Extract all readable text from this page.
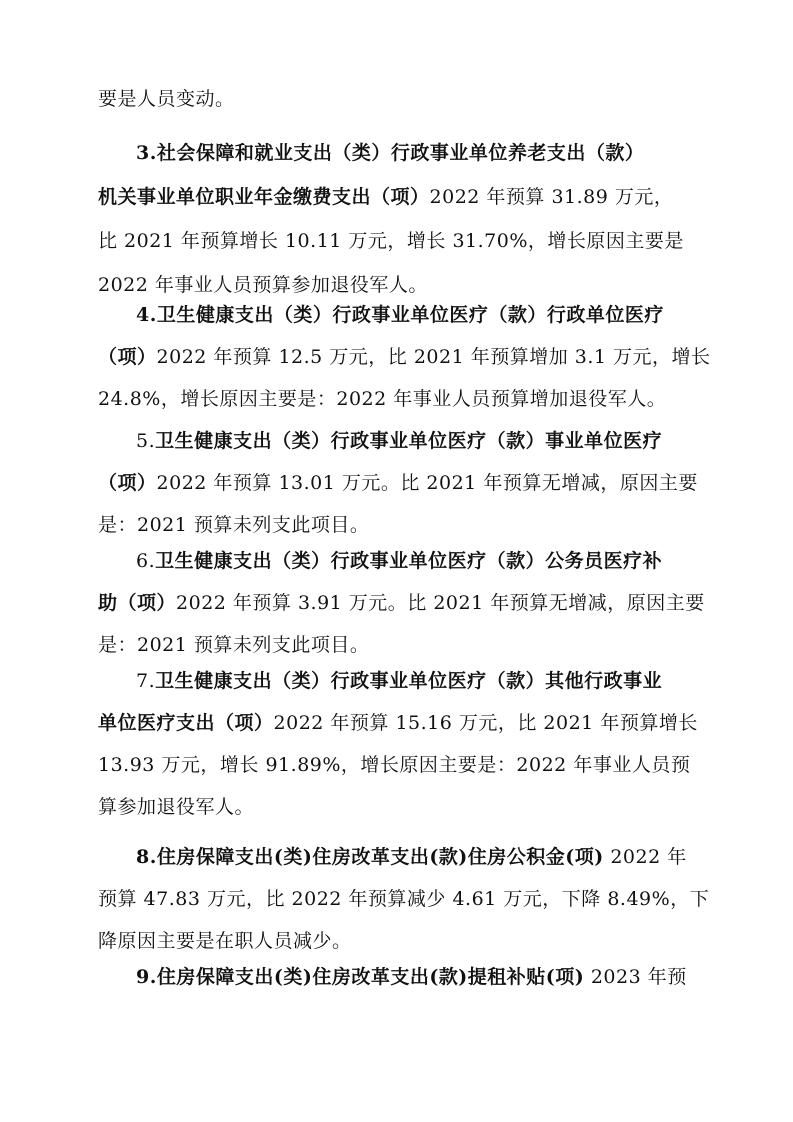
要是人员变动。
3.社会保障和就业支出（类）行政事业单位养老支出（款）
机关事业单位职业年金缴费支出（项）2022 年预算 31.89 万元，
比 2021 年预算增长 10.11 万元，增长 31.70%，增长原因主要是
2022 年事业人员预算参加退役军人。
4.卫生健康支出（类）行政事业单位医疗（款）行政单位医疗
（项）2022 年预算 12.5 万元，比 2021 年预算增加 3.1 万元，增长
24.8%，增长原因主要是：2022 年事业人员预算增加退役军人。
5.卫生健康支出（类）行政事业单位医疗（款）事业单位医疗
（项）2022 年预算 13.01 万元。比 2021 年预算无增减，原因主要
是：2021 预算未列支此项目。
6.卫生健康支出（类）行政事业单位医疗（款）公务员医疗补
助（项）2022 年预算 3.91 万元。比 2021 年预算无增减，原因主要
是：2021 预算未列支此项目。
7.卫生健康支出（类）行政事业单位医疗（款）其他行政事业
单位医疗支出（项）2022 年预算 15.16 万元，比 2021 年预算增长
13.93 万元，增长 91.89%，增长原因主要是：2022 年事业人员预
算参加退役军人。
8.住房保障支出(类)住房改革支出(款)住房公积金(项) 2022 年
预算 47.83 万元，比 2022 年预算减少 4.61 万元，下降 8.49%，下
降原因主要是在职人员减少。
9.住房保障支出(类)住房改革支出(款)提租补贴(项) 2023 年预
